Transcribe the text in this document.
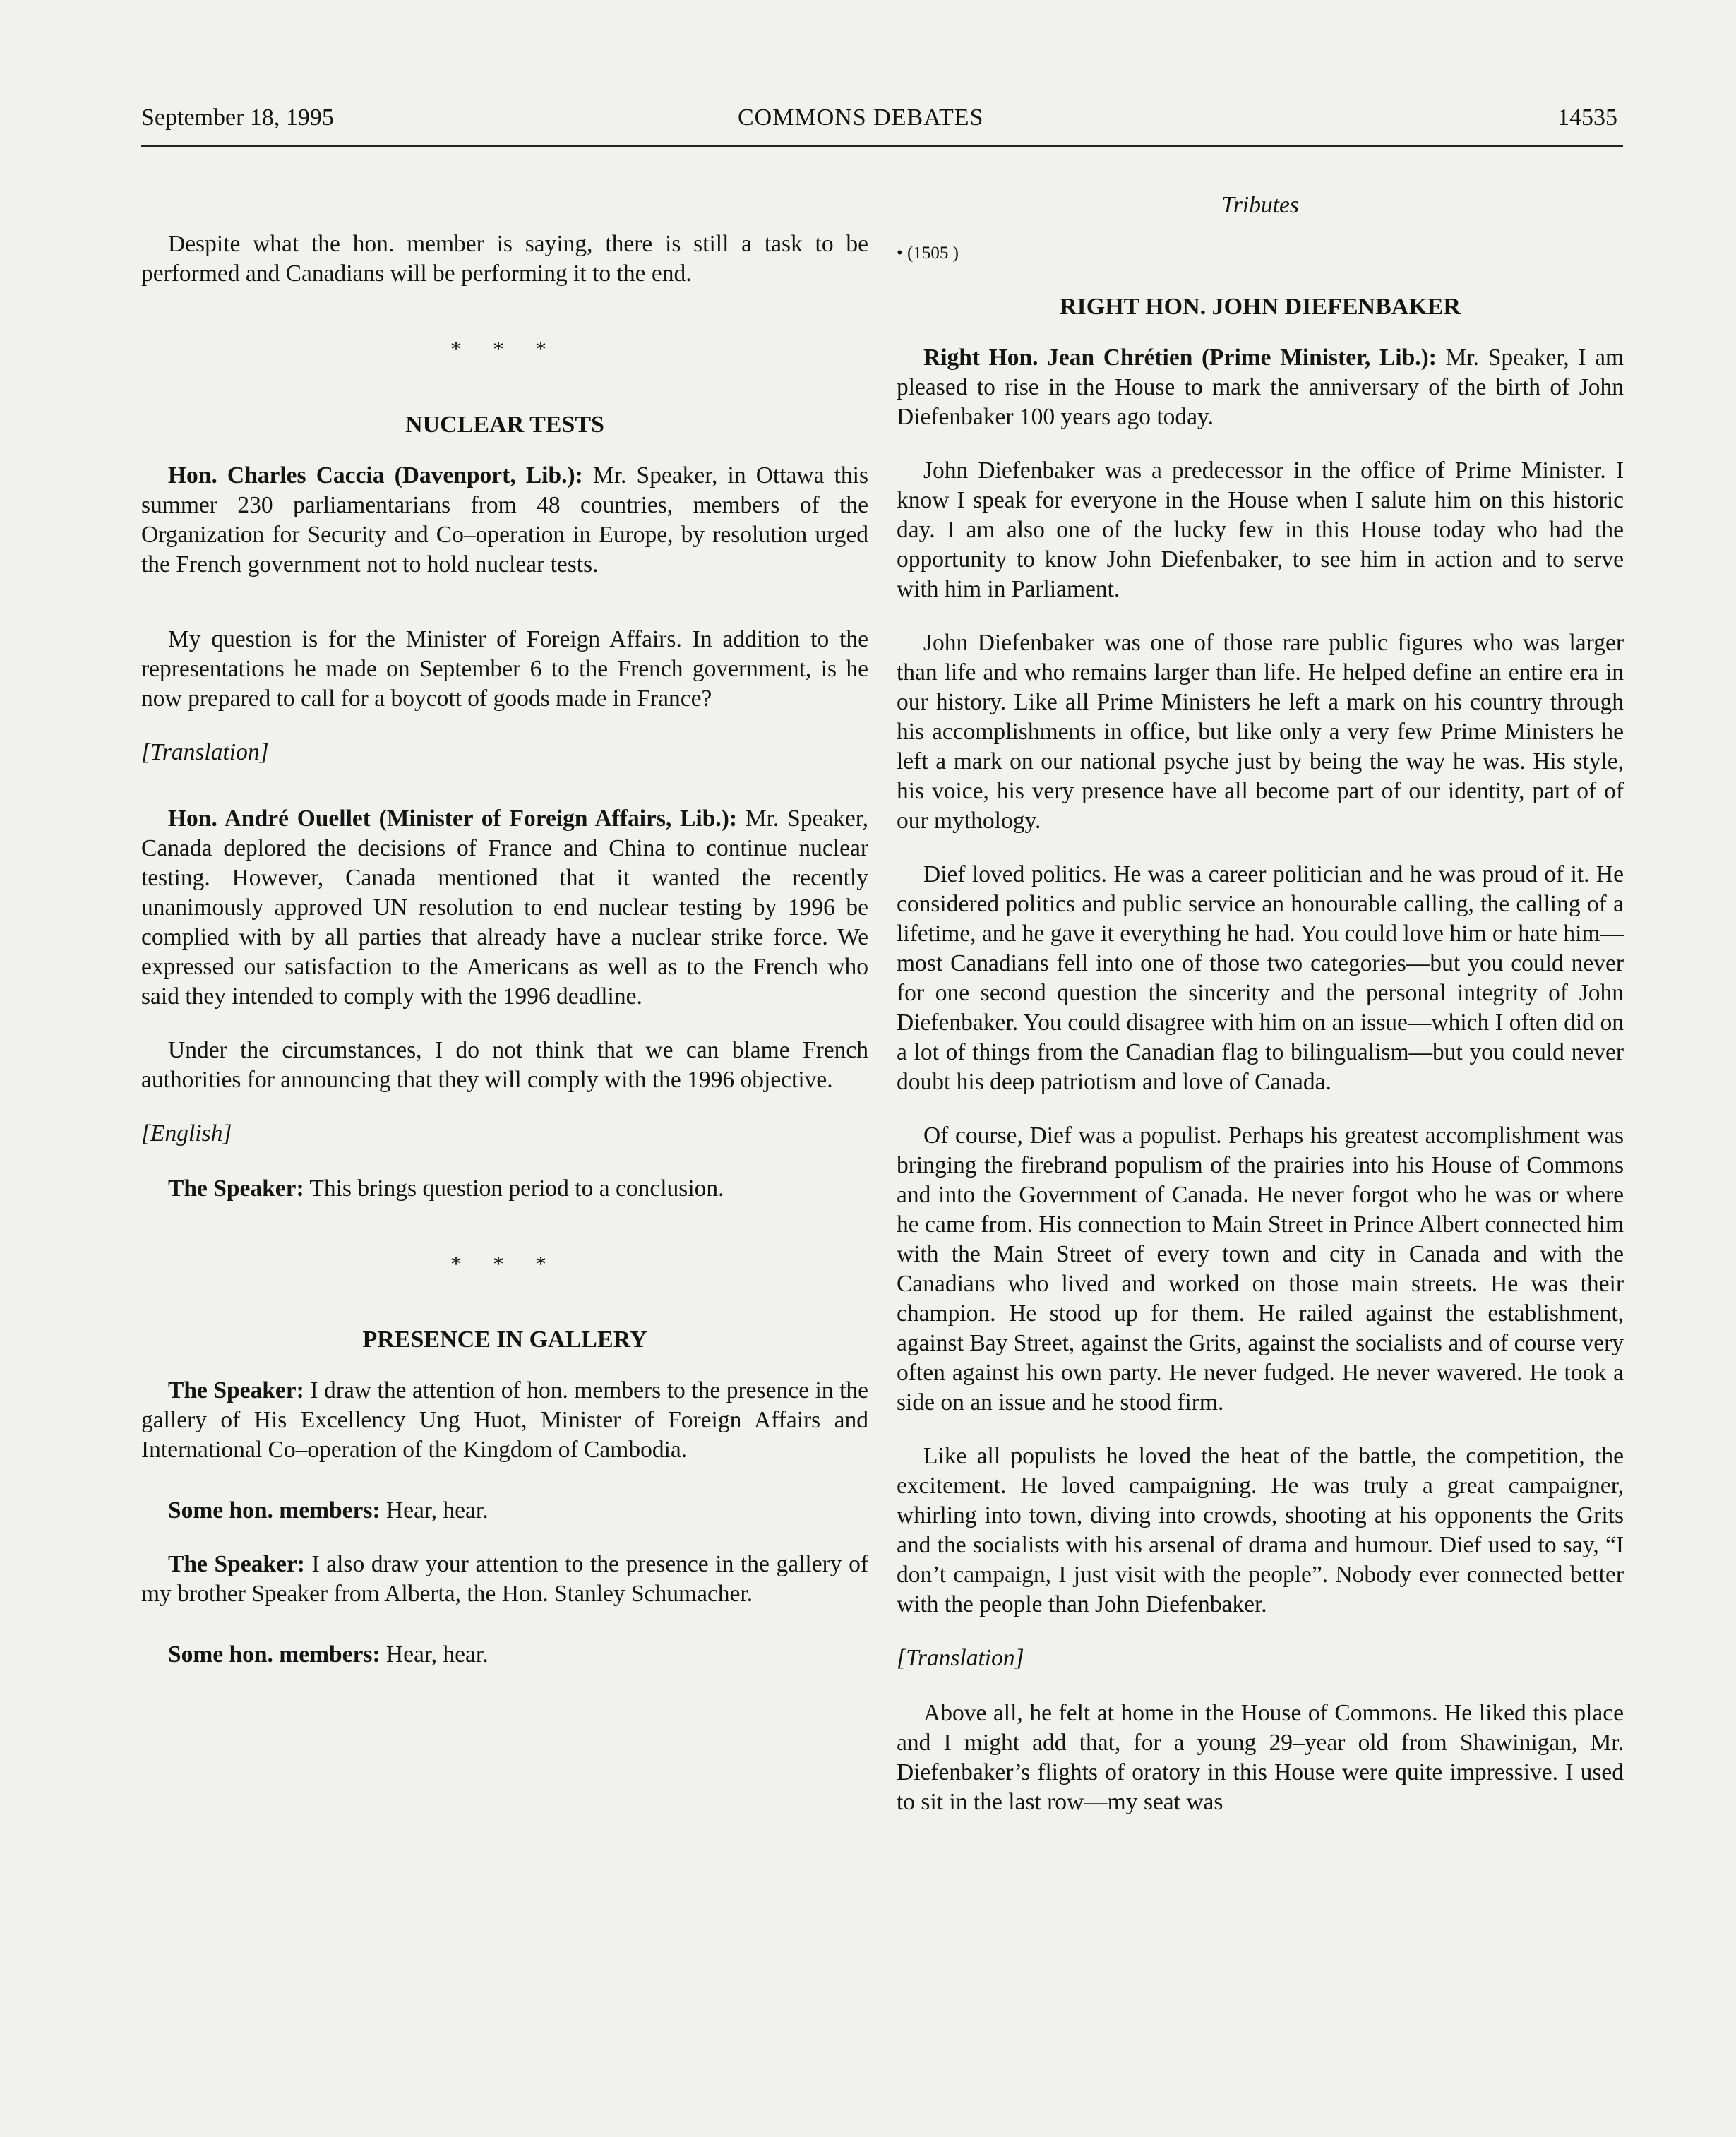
September 18, 1995	COMMONS DEBATES	14535

Despite what the hon. member is saying, there is still a task to be performed and Canadians will be performing it to the end.

* * *
NUCLEAR TESTS

Hon. Charles Caccia (Davenport, Lib.): Mr. Speaker, in Ottawa this summer 230 parliamentarians from 48 countries, members of the Organization for Security and Co–operation in Europe, by resolution urged the French government not to hold nuclear tests.

My question is for the Minister of Foreign Affairs. In addition to the representations he made on September 6 to the French government, is he now prepared to call for a boycott of goods made in France?

[Translation]

Hon. André Ouellet (Minister of Foreign Affairs, Lib.): Mr. Speaker, Canada deplored the decisions of France and China to continue nuclear testing. However, Canada mentioned that it wanted the recently unanimously approved UN resolution to end nuclear testing by 1996 be complied with by all parties that already have a nuclear strike force. We expressed our satisfaction to the Americans as well as to the French who said they intended to comply with the 1996 deadline.

Under the circumstances, I do not think that we can blame French authorities for announcing that they will comply with the 1996 objective.

[English]

The Speaker: This brings question period to a conclusion.

* * *
PRESENCE IN GALLERY

The Speaker: I draw the attention of hon. members to the presence in the gallery of His Excellency Ung Huot, Minister of Foreign Affairs and International Co–operation of the Kingdom of Cambodia.

Some hon. members: Hear, hear.

The Speaker: I also draw your attention to the presence in the gallery of my brother Speaker from Alberta, the Hon. Stanley Schumacher.

Some hon. members: Hear, hear.

Tributes
• (1505 )
RIGHT HON. JOHN DIEFENBAKER

Right Hon. Jean Chrétien (Prime Minister, Lib.): Mr. Speaker, I am pleased to rise in the House to mark the anniversary of the birth of John Diefenbaker 100 years ago today.

John Diefenbaker was a predecessor in the office of Prime Minister. I know I speak for everyone in the House when I salute him on this historic day. I am also one of the lucky few in this House today who had the opportunity to know John Diefenbaker, to see him in action and to serve with him in Parliament.

John Diefenbaker was one of those rare public figures who was larger than life and who remains larger than life. He helped define an entire era in our history. Like all Prime Ministers he left a mark on his country through his accomplishments in office, but like only a very few Prime Ministers he left a mark on our national psyche just by being the way he was. His style, his voice, his very presence have all become part of our identity, part of of our mythology.

Dief loved politics. He was a career politician and he was proud of it. He considered politics and public service an honourable calling, the calling of a lifetime, and he gave it everything he had. You could love him or hate him—most Canadians fell into one of those two categories—but you could never for one second question the sincerity and the personal integrity of John Diefenbaker. You could disagree with him on an issue—which I often did on a lot of things from the Canadian flag to bilingualism—but you could never doubt his deep patriotism and love of Canada.

Of course, Dief was a populist. Perhaps his greatest accomplishment was bringing the firebrand populism of the prairies into his House of Commons and into the Government of Canada. He never forgot who he was or where he came from. His connection to Main Street in Prince Albert connected him with the Main Street of every town and city in Canada and with the Canadians who lived and worked on those main streets. He was their champion. He stood up for them. He railed against the establishment, against Bay Street, against the Grits, against the socialists and of course very often against his own party. He never fudged. He never wavered. He took a side on an issue and he stood firm.

Like all populists he loved the heat of the battle, the competition, the excitement. He loved campaigning. He was truly a great campaigner, whirling into town, diving into crowds, shooting at his opponents the Grits and the socialists with his arsenal of drama and humour. Dief used to say, “I don’t campaign, I just visit with the people”. Nobody ever connected better with the people than John Diefenbaker.

[Translation]

Above all, he felt at home in the House of Commons. He liked this place and I might add that, for a young 29–year old from Shawinigan, Mr. Diefenbaker’s flights of oratory in this House were quite impressive. I used to sit in the last row—my seat was
